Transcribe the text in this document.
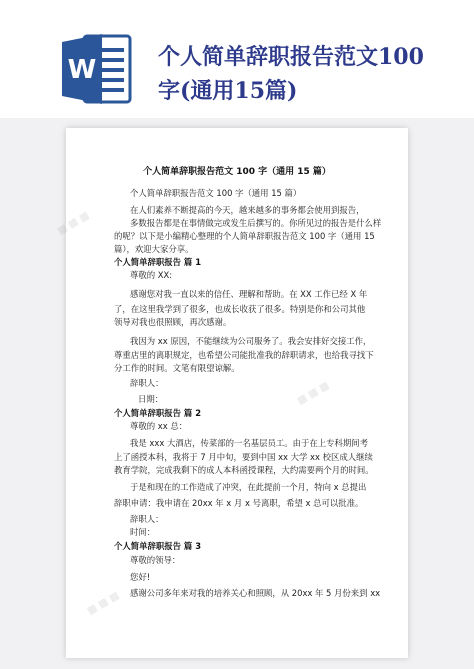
W	个人简单辞职报告范文100
字(通用15篇)
个人简单辞职报告范文 100 字（通用 15 篇）
个人简单辞职报告范文 100 字（通用 15 篇）
在人们素养不断提高的今天，越来越多的事务都会使用到报告，
多数报告都是在事情做完或发生后撰写的。你所见过的报告是什么样
的呢？以下是小编精心整理的个人简单辞职报告范文 100 字（通用 15
篇），欢迎大家分享。
个人简单辞职报告 篇 1
尊敬的 XX:
感谢您对我一直以来的信任、理解和帮助。在 XX 工作已经 X 年
了，在这里我学到了很多，也成长收获了很多。特别是你和公司其他
领导对我也很照顾，再次感谢。
我因为 xx 原因，不能继续为公司服务了。我会安排好交接工作，
尊重店里的离职规定，也希望公司能批准我的辞职请求，也给我寻找下
分工作的时间。文笔有限望谅解。
辞职人：
日期：
个人简单辞职报告 篇 2
尊敬的 xx 总：
我是 xxx 大酒店，传菜部的一名基层员工。由于在上专科期间考
上了函授本科，我将于 7 月中旬，要到中国 xx 大学 xx 校区成人继续
教育学院，完成我剩下的成人本科函授课程，大约需要两个月的时间。
于是和现在的工作造成了冲突，在此提前一个月，特向 x 总提出
辞职申请：我申请在 20xx 年 x 月 x 号离职，希望 x 总可以批准。
辞职人：
时间：
个人简单辞职报告 篇 3
尊敬的领导：
您好!
感谢公司多年来对我的培养关心和照顾，从 20xx 年 5 月份来到 xx
▦ ▦ ▦
▦ ▦ ▦
▦ ▦ ▦
